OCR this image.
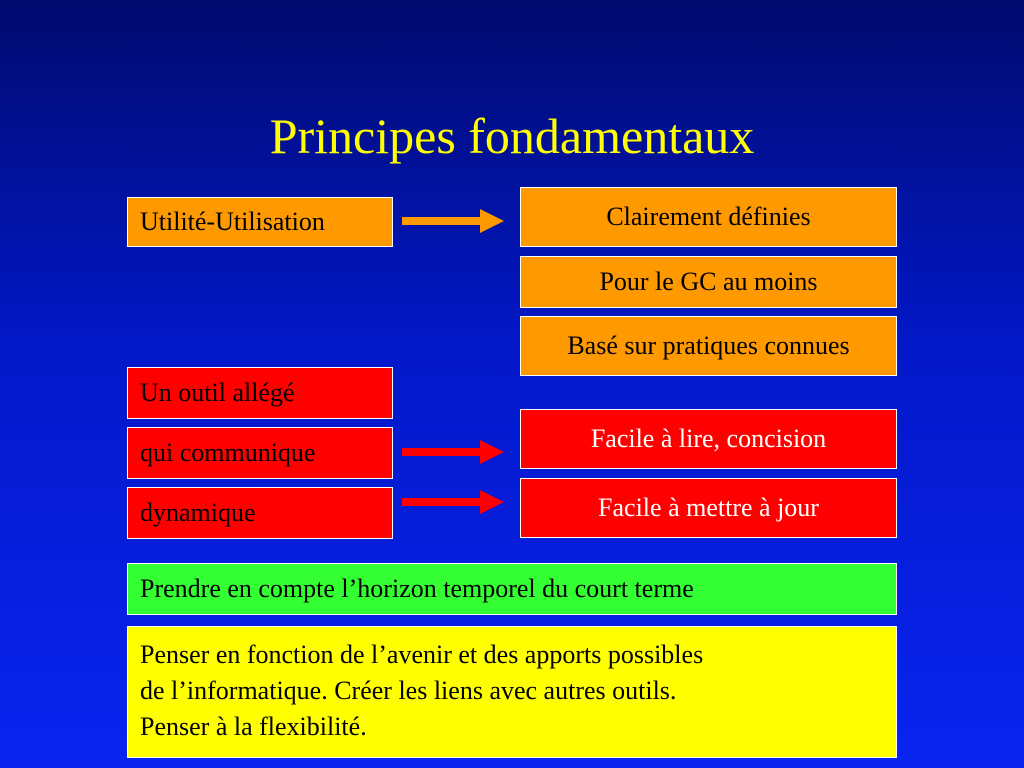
Principes fondamentaux
Utilité-Utilisation
Un outil allégé
qui communique
dynamique
Clairement définies
Pour le GC au moins
Basé sur pratiques connues
Facile à lire, concision
Facile à mettre à jour
Prendre en compte l’horizon temporel du court terme
Penser en fonction de l’avenir et des apports possibles
de l’informatique. Créer les liens avec autres outils.
Penser à la flexibilité.
